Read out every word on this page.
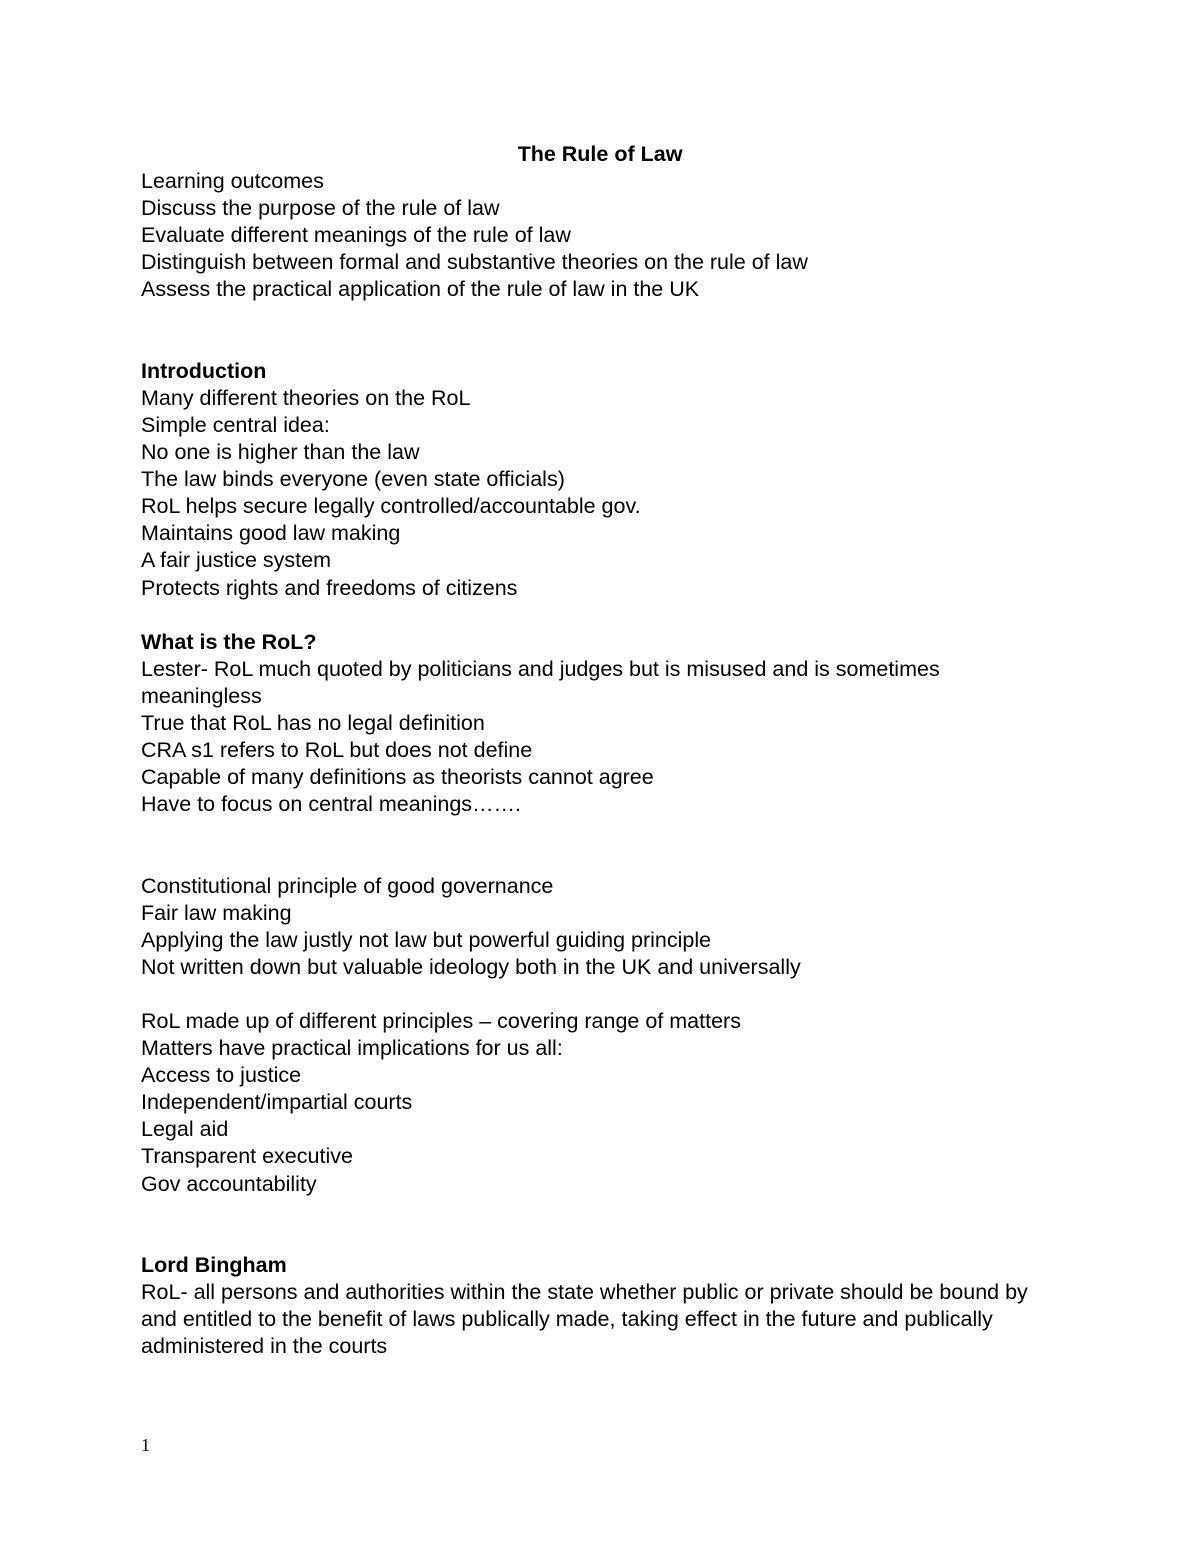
The Rule of Law
Learning outcomes
Discuss the purpose of the rule of law
Evaluate different meanings of the rule of law
Distinguish between formal and substantive theories on the rule of law
Assess the practical application of the rule of law in the UK
Introduction
Many different theories on the RoL
Simple central idea:
No one is higher than the law
The law binds everyone (even state officials)
RoL helps secure legally controlled/accountable gov.
Maintains good law making
A fair justice system
Protects rights and freedoms of citizens
What is the RoL?
Lester- RoL much quoted by politicians and judges but is misused and is sometimes meaningless
True that RoL has no legal definition
CRA s1 refers to RoL but does not define
Capable of many definitions as theorists cannot agree
Have to focus on central meanings…….
Constitutional principle of good governance
Fair law making
Applying the law justly not law but powerful guiding principle
Not written down but valuable ideology both in the UK and universally
RoL made up of different principles – covering range of matters
Matters have practical implications for us all:
Access to justice
Independent/impartial courts
Legal aid
Transparent executive
Gov accountability
Lord Bingham
RoL- all persons and authorities within the state whether public or private should be bound by and entitled to the benefit of laws publically made, taking effect in the future and publically administered in the courts
1
